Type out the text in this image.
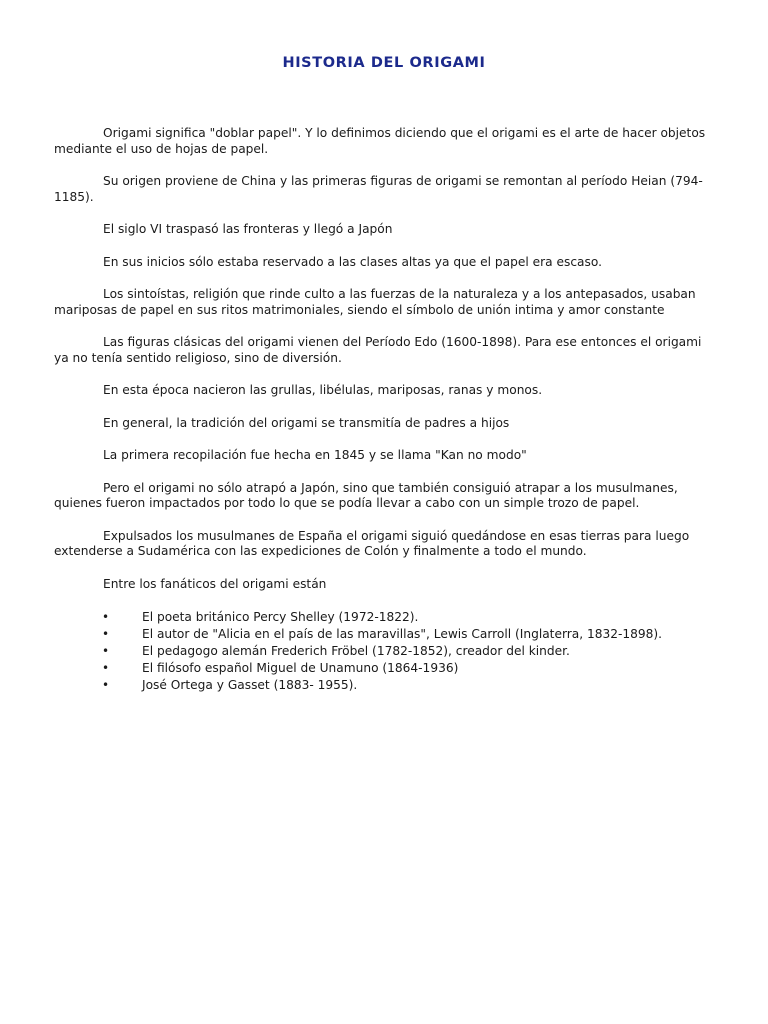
HISTORIA DEL ORIGAMI

Origami significa "doblar papel". Y lo definimos diciendo que el origami es el arte de hacer objetos mediante el uso de hojas de papel.

Su origen proviene de China y las primeras figuras de origami se remontan al período Heian (794-1185).

El siglo VI traspasó las fronteras y llegó a Japón

En sus inicios sólo estaba reservado a las clases altas ya que el papel era escaso.

Los sintoístas, religión que rinde culto a las fuerzas de la naturaleza y a los antepasados, usaban mariposas de papel en sus ritos matrimoniales, siendo el símbolo de unión intima y amor constante

Las figuras clásicas del origami vienen del Período Edo (1600-1898). Para ese entonces el origami ya no tenía sentido religioso, sino de diversión.

En esta época nacieron las grullas, libélulas, mariposas, ranas y monos.

En general, la tradición del origami se transmitía de padres a hijos

La primera recopilación fue hecha en 1845 y se llama "Kan no modo"

Pero el origami no sólo atrapó a Japón, sino que también consiguió atrapar a los musulmanes, quienes fueron impactados por todo lo que se podía llevar a cabo con un simple trozo de papel.

Expulsados los musulmanes de España el origami siguió quedándose en esas tierras para luego extenderse a Sudamérica con las expediciones de Colón y finalmente a todo el mundo.

Entre los fanáticos del origami están

•	El poeta británico Percy Shelley (1972-1822).
•	El autor de "Alicia en el país de las maravillas", Lewis Carroll (Inglaterra, 1832-1898).
•	El pedagogo alemán Frederich Fröbel (1782-1852), creador del kinder.
•	El filósofo español Miguel de Unamuno (1864-1936)
•	José Ortega y Gasset (1883- 1955).
